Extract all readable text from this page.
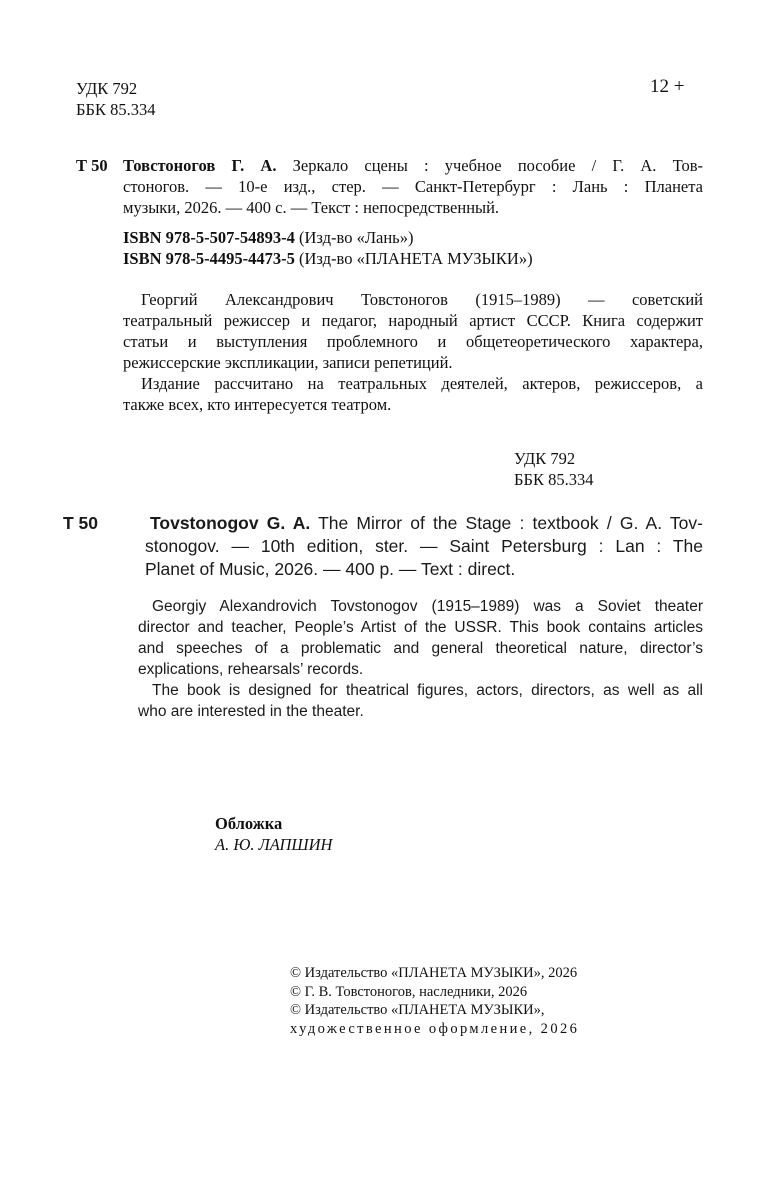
УДК 792
ББК 85.334
12 +
Т 50 Товстоногов Г. А. Зеркало сцены : учебное пособие / Г. А. Тов-
стоногов. — 10-е изд., стер. — Санкт-Петербург : Лань : Планета
музыки, 2026. — 400 с. — Текст : непосредственный.
ISBN 978-5-507-54893-4 (Изд-во «Лань»)
ISBN 978-5-4495-4473-5 (Изд-во «ПЛАНЕТА МУЗЫКИ»)
Георгий Александрович Товстоногов (1915–1989) — советский
театральный режиссер и педагог, народный артист СССР. Книга содержит
статьи и выступления проблемного и общетеоретического характера,
режиссерские экспликации, записи репетиций.
Издание рассчитано на театральных деятелей, актеров, режиссеров, а
также всех, кто интересуется театром.
УДК 792
ББК 85.334
T 50	Tovstonogov G. A. The Mirror of the Stage : textbook / G. A. Tov-
stonogov. — 10th edition, ster. — Saint Petersburg : Lan : The
Planet of Music, 2026. — 400 p. — Text : direct.
Georgiy Alexandrovich Tovstonogov (1915–1989) was a Soviet theater
director and teacher, People’s Artist of the USSR. This book contains articles
and speeches of a problematic and general theoretical nature, director’s
explications, rehearsals’ records.
The book is designed for theatrical figures, actors, directors, as well as all
who are interested in the theater.
Обложка
А. Ю. ЛАПШИН
© Издательство «ПЛАНЕТА МУЗЫКИ», 2026
© Г. В. Товстоногов, наследники, 2026
© Издательство «ПЛАНЕТА МУЗЫКИ»,
художественное оформление, 2026
